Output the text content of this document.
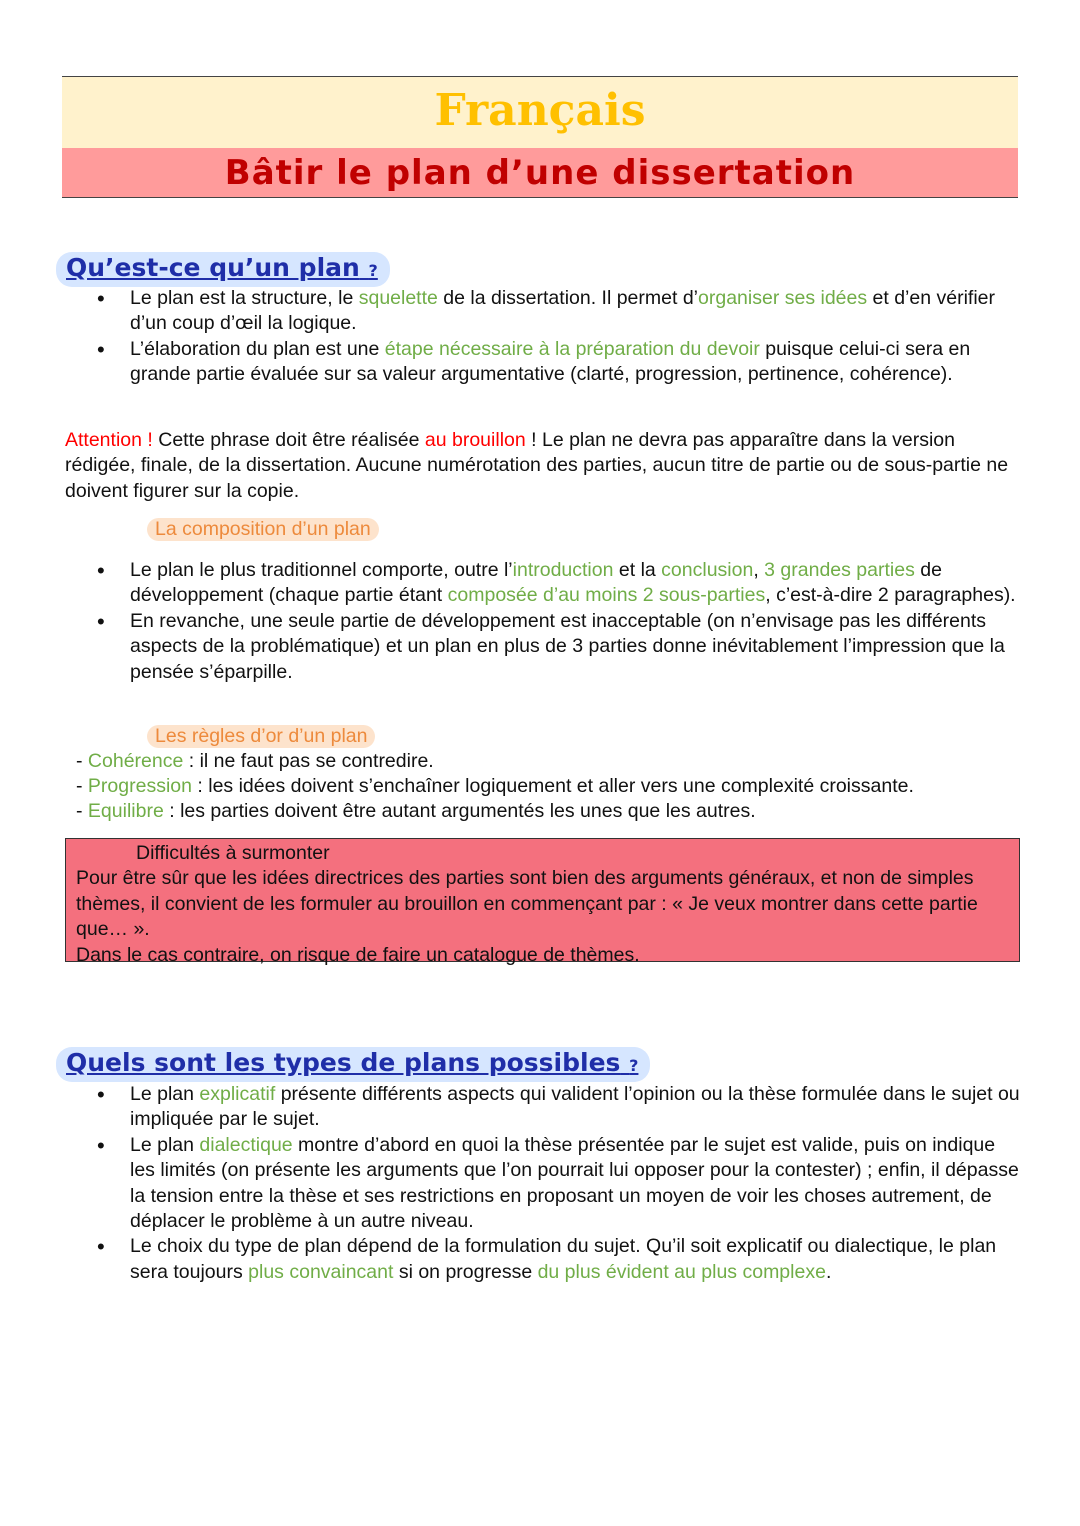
Français
Bâtir le plan d’une dissertation
Qu’est-ce qu’un plan ?
• Le plan est la structure, le squelette de la dissertation. Il permet d’organiser ses idées et d’en vérifier d’un coup d’œil la logique.
• L’élaboration du plan est une étape nécessaire à la préparation du devoir puisque celui-ci sera en grande partie évaluée sur sa valeur argumentative (clarté, progression, pertinence, cohérence).
Attention ! Cette phrase doit être réalisée au brouillon ! Le plan ne devra pas apparaître dans la version rédigée, finale, de la dissertation. Aucune numérotation des parties, aucun titre de partie ou de sous-partie ne doivent figurer sur la copie.
La composition d’un plan
• Le plan le plus traditionnel comporte, outre l’introduction et la conclusion, 3 grandes parties de développement (chaque partie étant composée d’au moins 2 sous-parties, c’est-à-dire 2 paragraphes).
• En revanche, une seule partie de développement est inacceptable (on n’envisage pas les différents aspects de la problématique) et un plan en plus de 3 parties donne inévitablement l’impression que la pensée s’éparpille.
Les règles d’or d’un plan
- Cohérence : il ne faut pas se contredire.
- Progression : les idées doivent s’enchaîner logiquement et aller vers une complexité croissante.
- Equilibre : les parties doivent être autant argumentés les unes que les autres.
Difficultés à surmonter
Pour être sûr que les idées directrices des parties sont bien des arguments généraux, et non de simples thèmes, il convient de les formuler au brouillon en commençant par : « Je veux montrer dans cette partie que… ».
Dans le cas contraire, on risque de faire un catalogue de thèmes.
Quels sont les types de plans possibles ?
• Le plan explicatif présente différents aspects qui valident l’opinion ou la thèse formulée dans le sujet ou impliquée par le sujet.
• Le plan dialectique montre d’abord en quoi la thèse présentée par le sujet est valide, puis on indique les limités (on présente les arguments que l’on pourrait lui opposer pour la contester) ; enfin, il dépasse la tension entre la thèse et ses restrictions en proposant un moyen de voir les choses autrement, de déplacer le problème à un autre niveau.
• Le choix du type de plan dépend de la formulation du sujet. Qu’il soit explicatif ou dialectique, le plan sera toujours plus convaincant si on progresse du plus évident au plus complexe.
